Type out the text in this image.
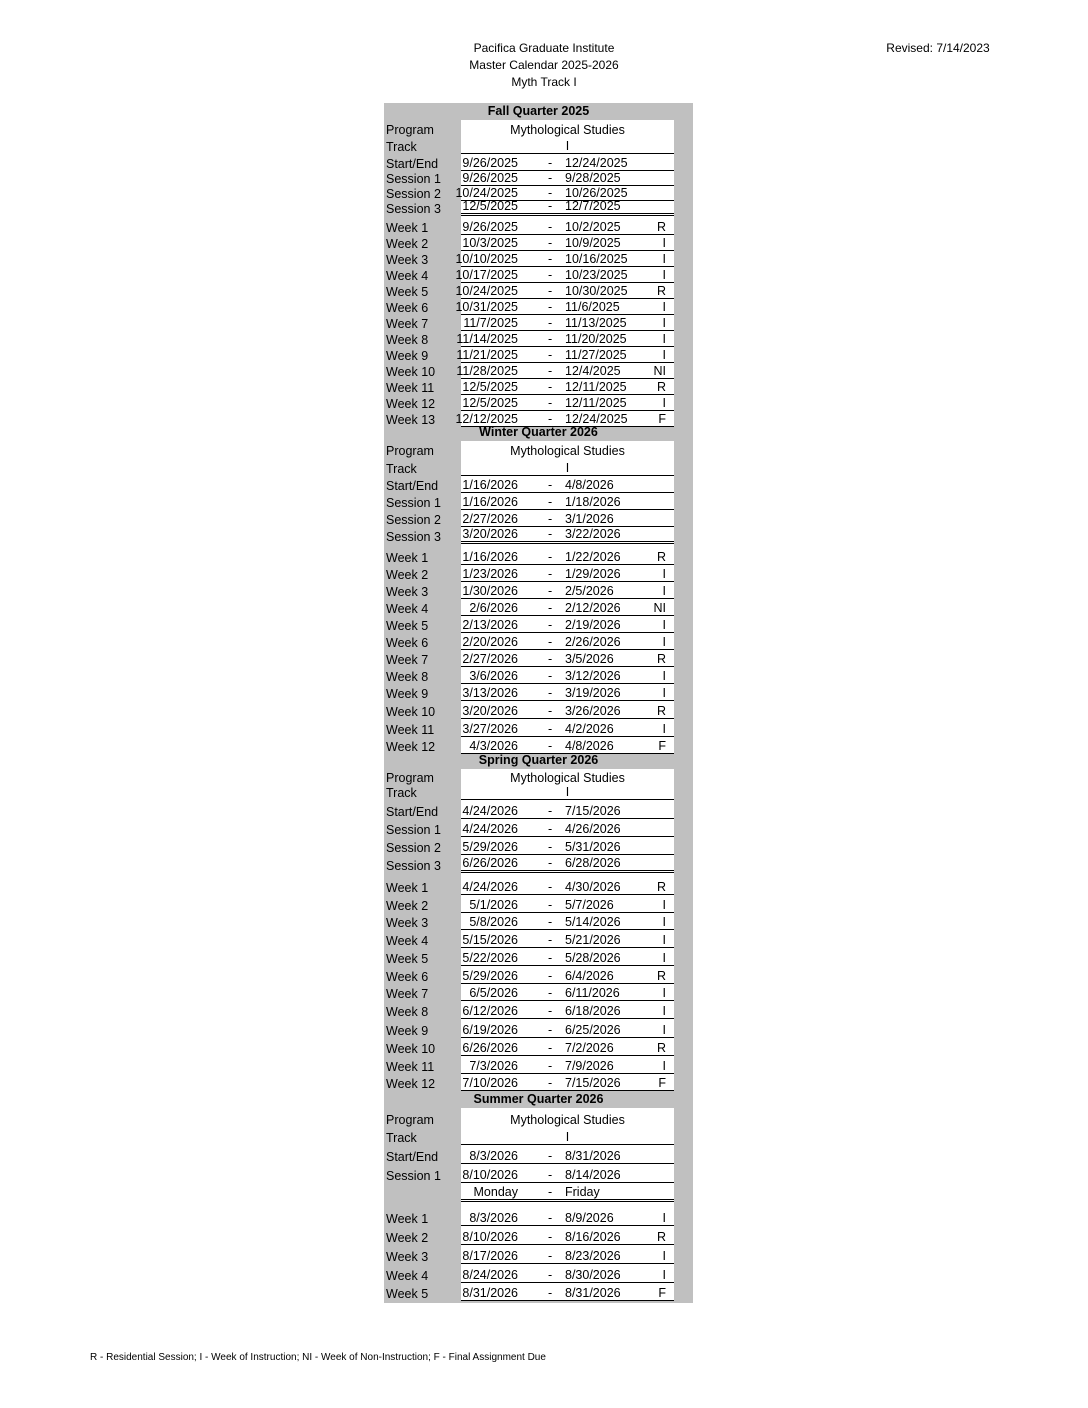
Pacifica Graduate Institute
Master Calendar 2025-2026
Myth Track I
Revised: 7/14/2023
Fall Quarter 2025
Program	Mythological Studies
Track	I
Start/End 9/26/2025 - 12/24/2025
Session 1 9/26/2025 - 9/28/2025
Session 2 10/24/2025 - 10/26/2025
Session 3 12/5/2025 - 12/7/2025
Week 1	9/26/2025 - 10/2/2025	R
Week 2	10/3/2025 - 10/9/2025	I
Week 3 10/10/2025 - 10/16/2025	I
Week 4 10/17/2025 - 10/23/2025	I
Week 5 10/24/2025 - 10/30/2025 R
Week 6 10/31/2025 - 11/6/2025	I
Week 7	11/7/2025 - 11/13/2025	I
Week 8 11/14/2025 - 11/20/2025	I
Week 9 11/21/2025 - 11/27/2025	I
Week 10 11/28/2025 - 12/4/2025	NI
Week 11 12/5/2025 - 12/11/2025 R
Week 12 12/5/2025 - 12/11/2025	I
Week 13 12/12/2025 - 12/24/2025 F
Winter Quarter 2026
Program	Mythological Studies
Track	I
Start/End 1/16/2026 - 4/8/2026
Session 1 1/16/2026 - 1/18/2026
Session 2 2/27/2026 - 3/1/2026
Session 3 3/20/2026 - 3/22/2026
Week 1	1/16/2026 - 1/22/2026	R
Week 2	1/23/2026 - 1/29/2026	I
Week 3	1/30/2026 - 2/5/2026	I
Week 4	2/6/2026 - 2/12/2026	NI
Week 5	2/13/2026 - 2/19/2026	I
Week 6	2/20/2026 - 2/26/2026	I
Week 7	2/27/2026 - 3/5/2026	R
Week 8	3/6/2026 - 3/12/2026	I
Week 9	3/13/2026 - 3/19/2026	I
Week 10 3/20/2026 - 3/26/2026	R
Week 11 3/27/2026 - 4/2/2026	I
Week 12	4/3/2026 - 4/8/2026	F
Spring Quarter 2026
Program	Mythological Studies
Track	I
Start/End 4/24/2026 - 7/15/2026
Session 1 4/24/2026 - 4/26/2026
Session 2 5/29/2026 - 5/31/2026
Session 3 6/26/2026 - 6/28/2026
Week 1	4/24/2026 - 4/30/2026	R
Week 2	5/1/2026 - 5/7/2026	I
Week 3	5/8/2026 - 5/14/2026	I
Week 4	5/15/2026 - 5/21/2026	I
Week 5	5/22/2026 - 5/28/2026	I
Week 6	5/29/2026 - 6/4/2026	R
Week 7	6/5/2026 - 6/11/2026	I
Week 8	6/12/2026 - 6/18/2026	I
Week 9	6/19/2026 - 6/25/2026	I
Week 10 6/26/2026 - 7/2/2026	R
Week 11	7/3/2026 - 7/9/2026	I
Week 12 7/10/2026 - 7/15/2026	F
Summer Quarter 2026
Program	Mythological Studies
Track	I
Start/End 8/3/2026 - 8/31/2026
Session 1 8/10/2026 - 8/14/2026
Monday - Friday
Week 1	8/3/2026 - 8/9/2026	I
Week 2	8/10/2026 - 8/16/2026	R
Week 3	8/17/2026 - 8/23/2026	I
Week 4	8/24/2026 - 8/30/2026	I
Week 5	8/31/2026 - 8/31/2026	F
R - Residential Session; I - Week of Instruction; NI - Week of Non-Instruction; F - Final Assignment Due
